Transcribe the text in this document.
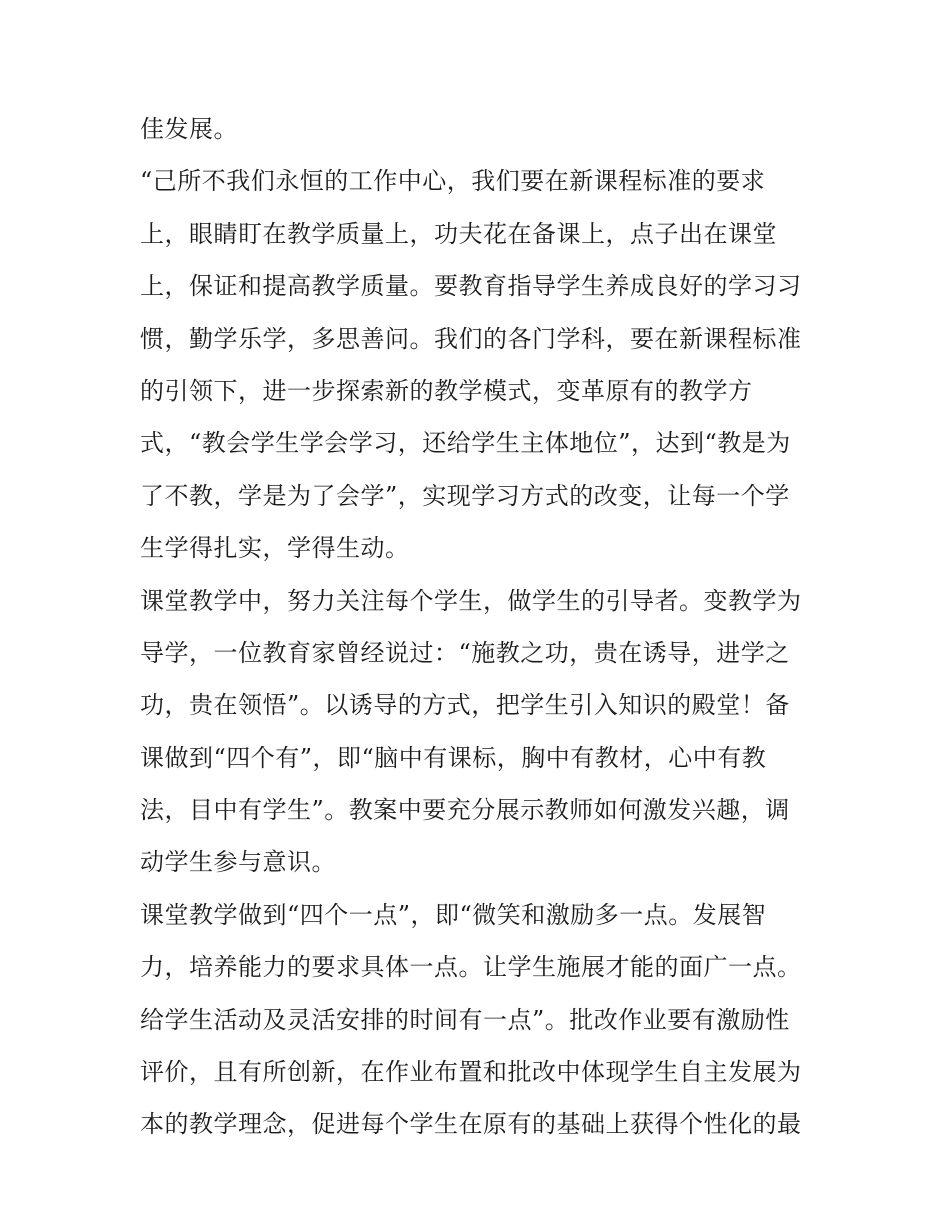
佳发展。
“己所不我们永恒的工作中心，我们要在新课程标准的要求
上，眼睛盯在教学质量上，功夫花在备课上，点子出在课堂
上，保证和提高教学质量。要教育指导学生养成良好的学习习
惯，勤学乐学，多思善问。我们的各门学科，要在新课程标准
的引领下，进一步探索新的教学模式，变革原有的教学方
式，“教会学生学会学习，还给学生主体地位”，达到“教是为
了不教，学是为了会学”，实现学习方式的改变，让每一个学
生学得扎实，学得生动。
课堂教学中，努力关注每个学生，做学生的引导者。变教学为
导学，一位教育家曾经说过：“施教之功，贵在诱导，进学之
功，贵在领悟”。以诱导的方式，把学生引入知识的殿堂！备
课做到“四个有”，即“脑中有课标，胸中有教材，心中有教
法，目中有学生”。教案中要充分展示教师如何激发兴趣，调
动学生参与意识。
课堂教学做到“四个一点”，即“微笑和激励多一点。发展智
力，培养能力的要求具体一点。让学生施展才能的面广一点。
给学生活动及灵活安排的时间有一点”。批改作业要有激励性
评价，且有所创新，在作业布置和批改中体现学生自主发展为
本的教学理念，促进每个学生在原有的基础上获得个性化的最
